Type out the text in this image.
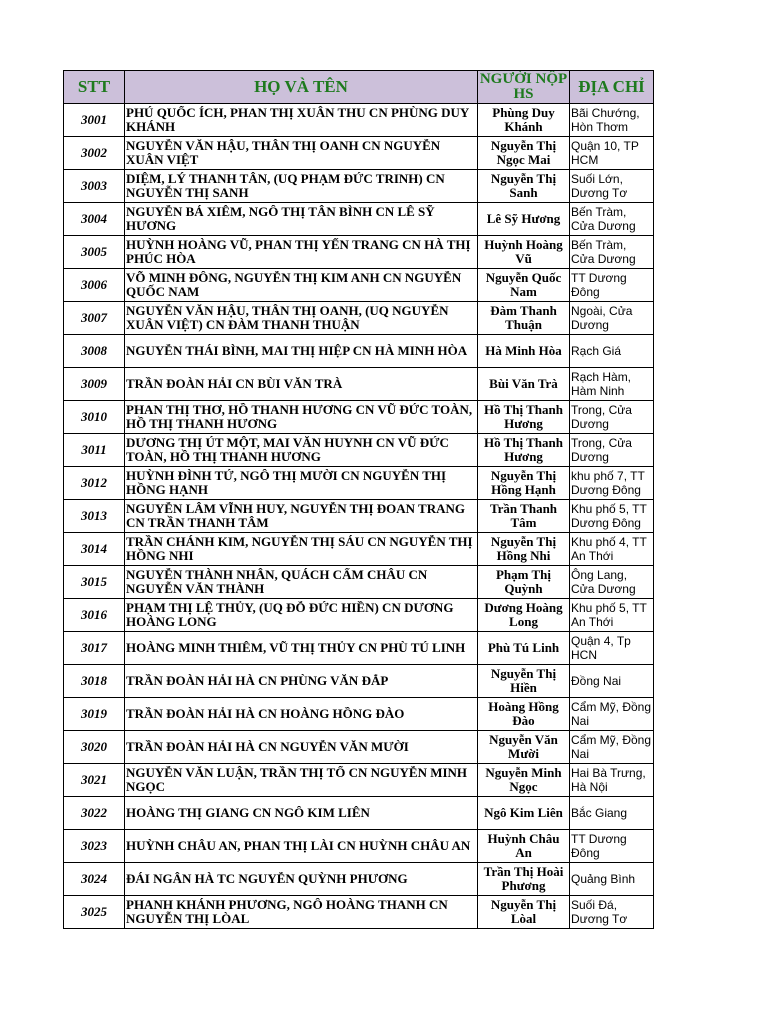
STT	HỌ VÀ TÊN	NGƯỜI NỘP HS	ĐỊA CHỈ

3001	PHÚ QUỐC ÍCH, PHAN THỊ XUÂN THU CN PHÙNG DUY KHÁNH	Phùng Duy Khánh	Bãi Chướng, Hòn Thơm

3002	NGUYỄN VĂN HẬU, THÂN THỊ OANH CN NGUYỄN XUÂN VIỆT	Nguyễn Thị Ngọc Mai	Quận 10, TP HCM

3003	DIỆM, LÝ THANH TÂN, (UQ PHẠM ĐỨC TRINH) CN NGUYỄN THỊ SANH	Nguyễn Thị Sanh	Suối Lớn, Dương Tơ

3004	NGUYỄN BÁ XIÊM, NGÔ THỊ TÂN BÌNH CN LÊ SỸ HƯƠNG	Lê Sỹ Hương	Bến Tràm, Cửa Dương

3005	HUỲNH HOÀNG VŨ, PHAN THỊ YẾN TRANG CN HÀ THỊ PHÚC HÒA	Huỳnh Hoàng Vũ	Bến Tràm, Cửa Dương

3006	VÕ MINH ĐÔNG, NGUYỄN THỊ KIM ANH CN NGUYỄN QUỐC NAM	Nguyễn Quốc Nam	TT Dương Đông

3007	NGUYỄN VĂN HẬU, THÂN THỊ OANH, (UQ NGUYỄN XUÂN VIỆT) CN ĐÀM THANH THUẬN	Đàm Thanh Thuận	Ngoài, Cửa Dương

3008	NGUYỄN THÁI BÌNH, MAI THỊ HIỆP CN HÀ MINH HÒA	Hà Minh Hòa	Rạch Giá

3009	TRẦN ĐOÀN HẢI CN BÙI VĂN TRÀ	Bùi Văn Trà	Rạch Hàm, Hàm Ninh

3010	PHAN THỊ THƠ, HỒ THANH HƯƠNG CN VŨ ĐỨC TOÀN, HỒ THỊ THANH HƯƠNG	Hồ Thị Thanh Hương	Trong, Cửa Dương

3011	DƯƠNG THỊ ÚT MỘT, MAI VĂN HUYNH CN VŨ ĐỨC TOÀN, HỒ THỊ THANH HƯƠNG	Hồ Thị Thanh Hương	Trong, Cửa Dương

3012	HUỲNH ĐÌNH TỨ, NGÔ THỊ MƯỜI CN NGUYỄN THỊ HỒNG HẠNH	Nguyễn Thị Hồng Hạnh	khu phố 7, TT Dương Đông

3013	NGUYỄN LÂM VĨNH HUY, NGUYỄN THỊ ĐOAN TRANG CN TRẦN THANH TÂM	Trần Thanh Tâm	Khu phố 5, TT Dương Đông

3014	TRẦN CHÁNH KIM, NGUYỄN THỊ SÁU CN NGUYỄN THỊ HỒNG NHI	Nguyễn Thị Hồng Nhi	Khu phố 4, TT An Thới

3015	NGUYỄN THÀNH NHÂN, QUÁCH CẨM CHÂU CN NGUYỄN VĂN THÀNH	Phạm Thị Quỳnh	Ông Lang, Cửa Dương

3016	PHẠM THỊ LỆ THỦY, (UQ ĐỖ ĐỨC HIỀN) CN DƯƠNG HOÀNG LONG	Dương Hoàng Long	Khu phố 5, TT An Thới

3017	HOÀNG MINH THIÊM, VŨ THỊ THỦY CN PHÙ TÚ LINH	Phù Tú Linh	Quận 4, Tp HCN

3018	TRẦN ĐOÀN HẢI HÀ CN PHÙNG VĂN ĐẮP	Nguyễn Thị Hiền	Đồng Nai

3019	TRẦN ĐOÀN HẢI HÀ CN HOÀNG HỒNG ĐÀO	Hoàng Hồng Đào	Cẩm Mỹ, Đồng Nai

3020	TRẦN ĐOÀN HẢI HÀ CN NGUYỄN VĂN MƯỜI	Nguyễn Văn Mười	Cẩm Mỹ, Đồng Nai

3021	NGUYỄN VĂN LUẬN, TRẦN THỊ TỐ CN NGUYỄN MINH NGỌC	Nguyễn Minh Ngọc	Hai Bà Trưng, Hà Nội

3022	HOÀNG THỊ GIANG CN NGÔ KIM LIÊN	Ngô Kim Liên	Bắc Giang

3023	HUỲNH CHÂU AN, PHAN THỊ LÀI CN HUỲNH CHÂU AN	Huỳnh Châu An	TT Dương Đông

3024	ĐÁI NGÂN HÀ TC NGUYỄN QUỲNH PHƯƠNG	Trần Thị Hoài Phương	Quảng Bình

3025	PHANH KHÁNH PHƯƠNG, NGÔ HOÀNG THANH CN NGUYỄN THỊ LÒAL	Nguyễn Thị Lòal	Suối Đá, Dương Tơ
